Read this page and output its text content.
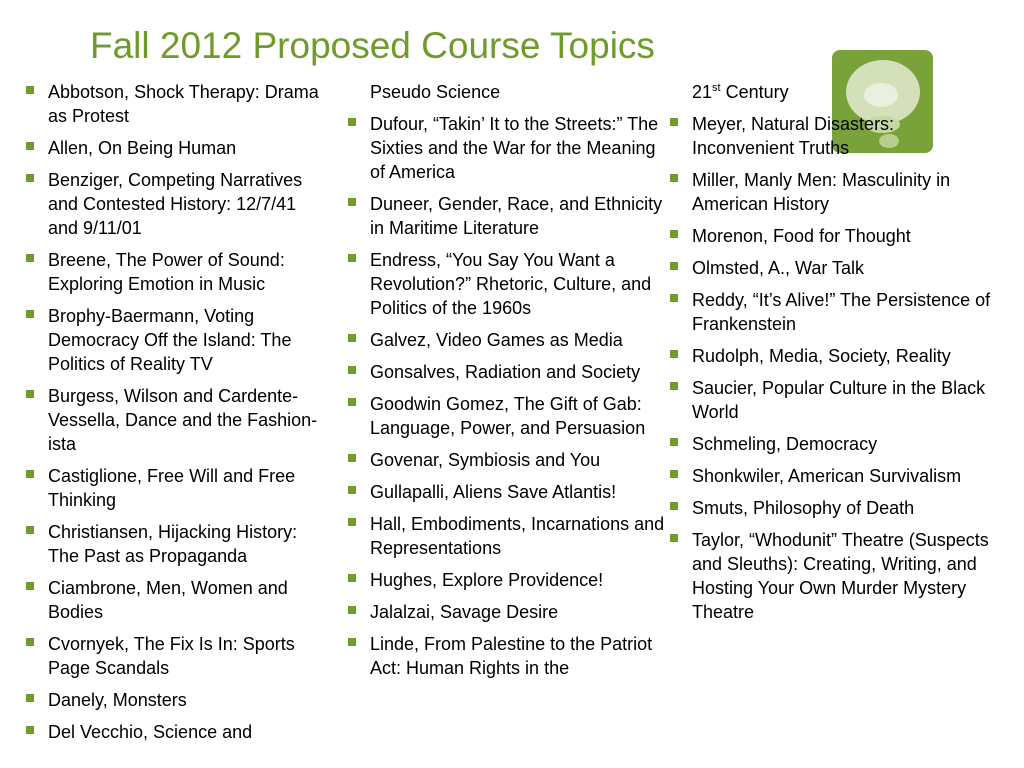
Fall 2012 Proposed Course Topics
Abbotson, Shock Therapy: Drama as Protest
Allen, On Being Human
Benziger, Competing Narratives and Contested History: 12/7/41 and 9/11/01
Breene, The Power of Sound: Exploring Emotion in Music
Brophy-Baermann, Voting Democracy Off the Island: The Politics of Reality TV
Burgess, Wilson and Cardente-Vessella, Dance and the Fashion-ista
Castiglione, Free Will and Free Thinking
Christiansen, Hijacking History: The Past as Propaganda
Ciambrone, Men, Women and Bodies
Cvornyek, The Fix Is In: Sports Page Scandals
Danely, Monsters
Del Vecchio, Science and
Pseudo Science
Dufour, “Takin’ It to the Streets:” The Sixties and the War for the Meaning of America
Duneer, Gender, Race, and Ethnicity in Maritime Literature
Endress, “You Say You Want a Revolution?” Rhetoric, Culture, and Politics of the 1960s
Galvez, Video Games as Media
Gonsalves, Radiation and Society
Goodwin Gomez, The Gift of Gab: Language, Power, and Persuasion
Govenar, Symbiosis and You
Gullapalli, Aliens Save Atlantis!
Hall, Embodiments, Incarnations and Representations
Hughes, Explore Providence!
Jalalzai, Savage Desire
Linde, From Palestine to the Patriot Act: Human Rights in the
21st Century
Meyer, Natural Disasters: Inconvenient Truths
Miller, Manly Men: Masculinity in American History
Morenon, Food for Thought
Olmsted, A., War Talk
Reddy, “It’s Alive!” The Persistence of Frankenstein
Rudolph, Media, Society, Reality
Saucier, Popular Culture in the Black World
Schmeling, Democracy
Shonkwiler, American Survivalism
Smuts, Philosophy of Death
Taylor, “Whodunit” Theatre (Suspects and Sleuths): Creating, Writing, and Hosting Your Own Murder Mystery Theatre
